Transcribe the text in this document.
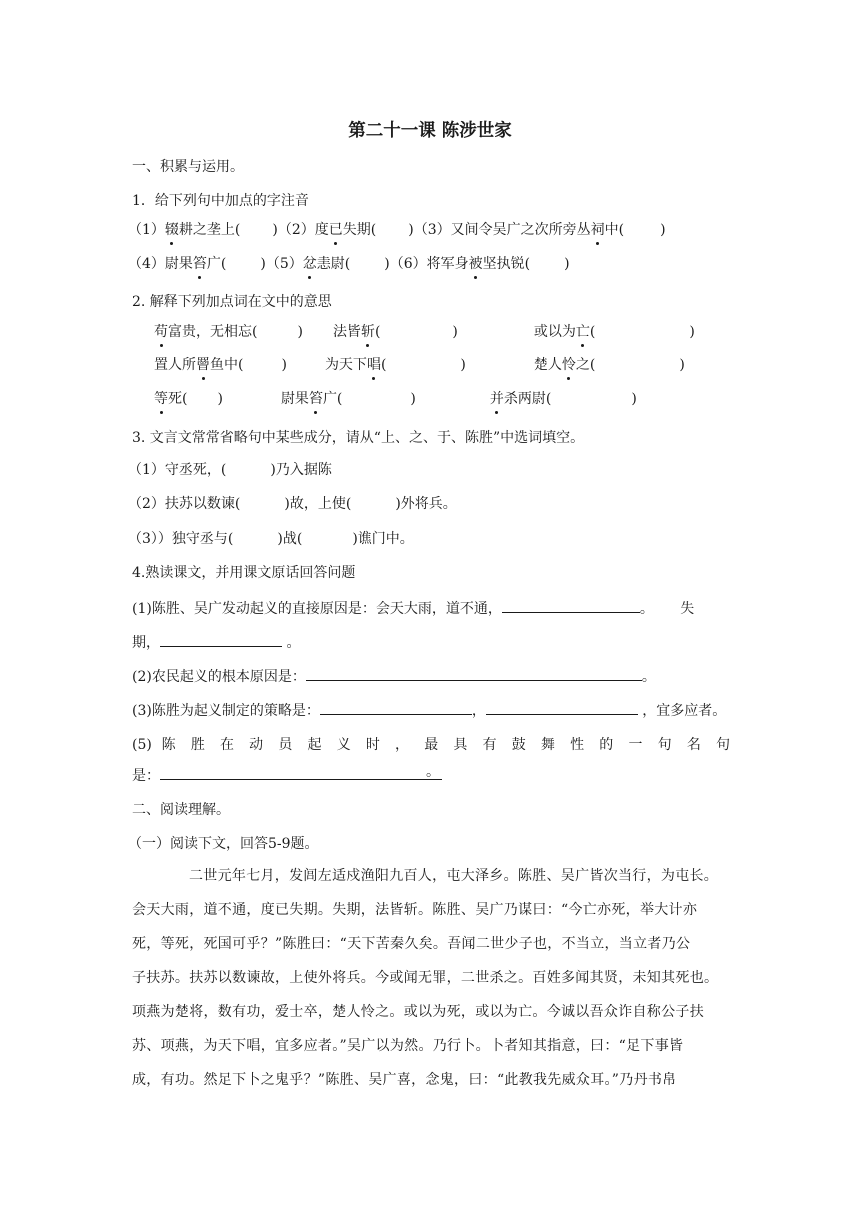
第二十一课 陈涉世家
一、积累与运用。
1．给下列句中加点的字注音
（1）辍耕之垄上( )（2）度已失期( )（3）又间令吴广之次所旁丛祠中(	)
（4）尉果笞广( )（5）忿恚尉( )（6）将军身被坚执锐( )
2. 解释下列加点词在文中的意思
苟富贵，无相忘(	) 法皆斩(	)	或以为亡(	)
置人所罾鱼中(	)	为天下唱(	)	楚人怜之(	)
等死( )	尉果笞广(	)	并杀两尉(	)
3. 文言文常常省略句中某些成分，请从“上、之、于、陈胜”中选词填空。
（1）守丞死，(	)乃入据陈
（2）扶苏以数谏(	)故，上使(	)外将兵。
（3））独守丞与(	)战(	)谯门中。
4.熟读课文，并用课文原话回答问题
(1)陈胜、吴广发动起义的直接原因是：会天大雨，道不通，	。 失
期，	。
(2)农民起义的根本原因是：	。
(3)陈胜为起义制定的策略是：	，	，宜多应者。
(5) 陈 胜 在 动 员 起 义 时 ， 最 具 有 鼓 舞 性 的 一 句 名 句
是：	。
二、阅读理解。
（一）阅读下文，回答5-9题。
二世元年七月，发闾左适戍渔阳九百人，屯大泽乡。陈胜、吴广皆次当行，为屯长。
会天大雨，道不通，度已失期。失期，法皆斩。陈胜、吴广乃谋曰：“今亡亦死，举大计亦
死，等死，死国可乎？”陈胜曰：“天下苦秦久矣。吾闻二世少子也，不当立，当立者乃公
子扶苏。扶苏以数谏故，上使外将兵。今或闻无罪，二世杀之。百姓多闻其贤，未知其死也。
项燕为楚将，数有功，爱士卒，楚人怜之。或以为死，或以为亡。今诚以吾众诈自称公子扶
苏、项燕，为天下唱，宜多应者。”吴广以为然。乃行卜。卜者知其指意，曰：“足下事皆
成，有功。然足下卜之鬼乎？”陈胜、吴广喜，念鬼，曰：“此教我先威众耳。”乃丹书帛
